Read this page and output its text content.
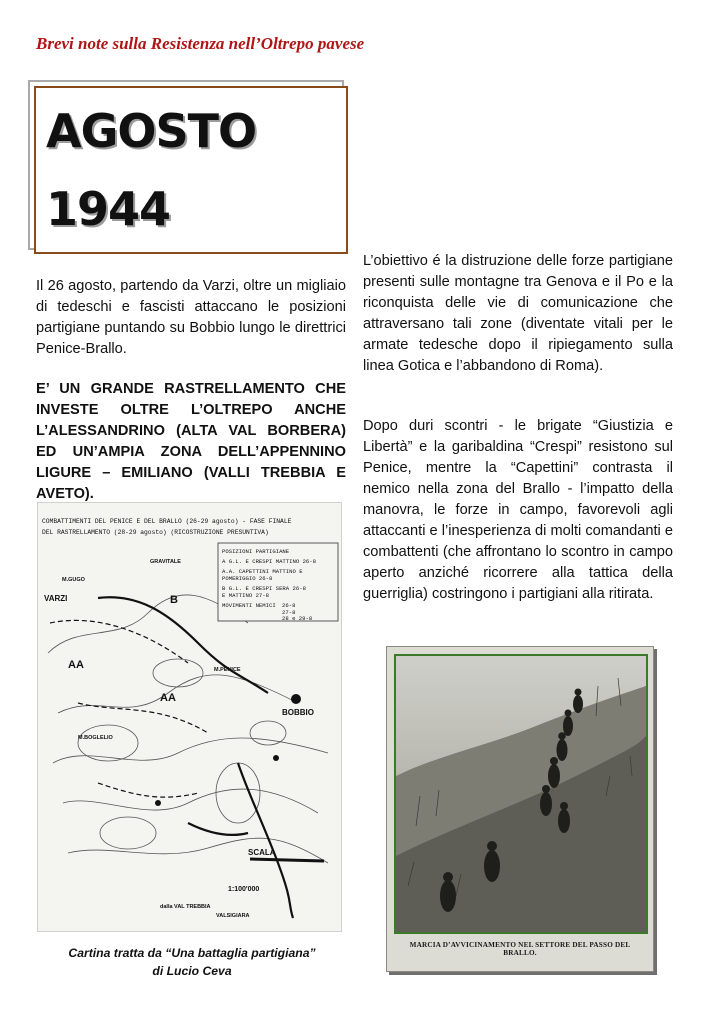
Brevi note sulla Resistenza nell’Oltrepo pavese
AGOSTO
1944
Il 26 agosto, partendo da Varzi, oltre un migliaio di tedeschi e fascisti attaccano le posizioni partigiane puntando su Bobbio lungo le direttrici Penice-Brallo.
E’ UN GRANDE RASTRELLAMENTO CHE INVESTE OLTRE L’OLTREPO ANCHE L’ALESSANDRINO (ALTA VAL BORBERA) ED UN’AMPIA ZONA DELL’APPENNINO LIGURE – EMILIANO (VALLI TREBBIA E AVETO).
L’obiettivo é la distruzione delle forze partigiane presenti sulle montagne tra Genova e il Po e la riconquista delle vie di comunicazione che attraversano tali zone (diventate vitali per le armate tedesche dopo il ripiegamento sulla linea Gotica e l’abbandono di Roma).
Dopo duri scontri - le brigate “Giustizia e Libertà” e la garibaldina “Crespi” resistono sul Penice, mentre la “Capettini” contrasta il nemico nella zona del Brallo - l’impatto della manovra, le forze in campo, favorevoli agli attaccanti e l’inesperienza di molti comandanti e combattenti (che affrontano lo scontro in campo aperto anziché ricorrere alla tattica della guerriglia) costringono i partigiani alla ritirata.
COMBATTIMENTI DEL PENICE E DEL BRALLO (26-29 agosto) - FASE FINALE
DEL RASTRELLAMENTO (28-29 agosto) (RICOSTRUZIONE PRESUNTIVA)
POSIZIONI PARTIGIANE
A G.L. E CRESPI MATTINO 26-8
A.A. CAPETTINI MATTINO E
POMERIGGIO 26-8
B G.L. E CRESPI SERA 26-8
E MATTINO 27-8
MOVIMENTI NEMICI 26-8
27-8
28 e 29-8
VARZI
BOBBIO
GRAVITALE
M.GUGO
M.PENICE
M.BOGLELIO
SCALA
1:100'000
dalla VAL TREBBIA
VALSIGIARA
B
AA
AA
Cartina tratta da “Una battaglia partigiana”
di Lucio Ceva
MARCIA D’AVVICINAMENTO NEL SETTORE DEL PASSO DEL BRALLO.
